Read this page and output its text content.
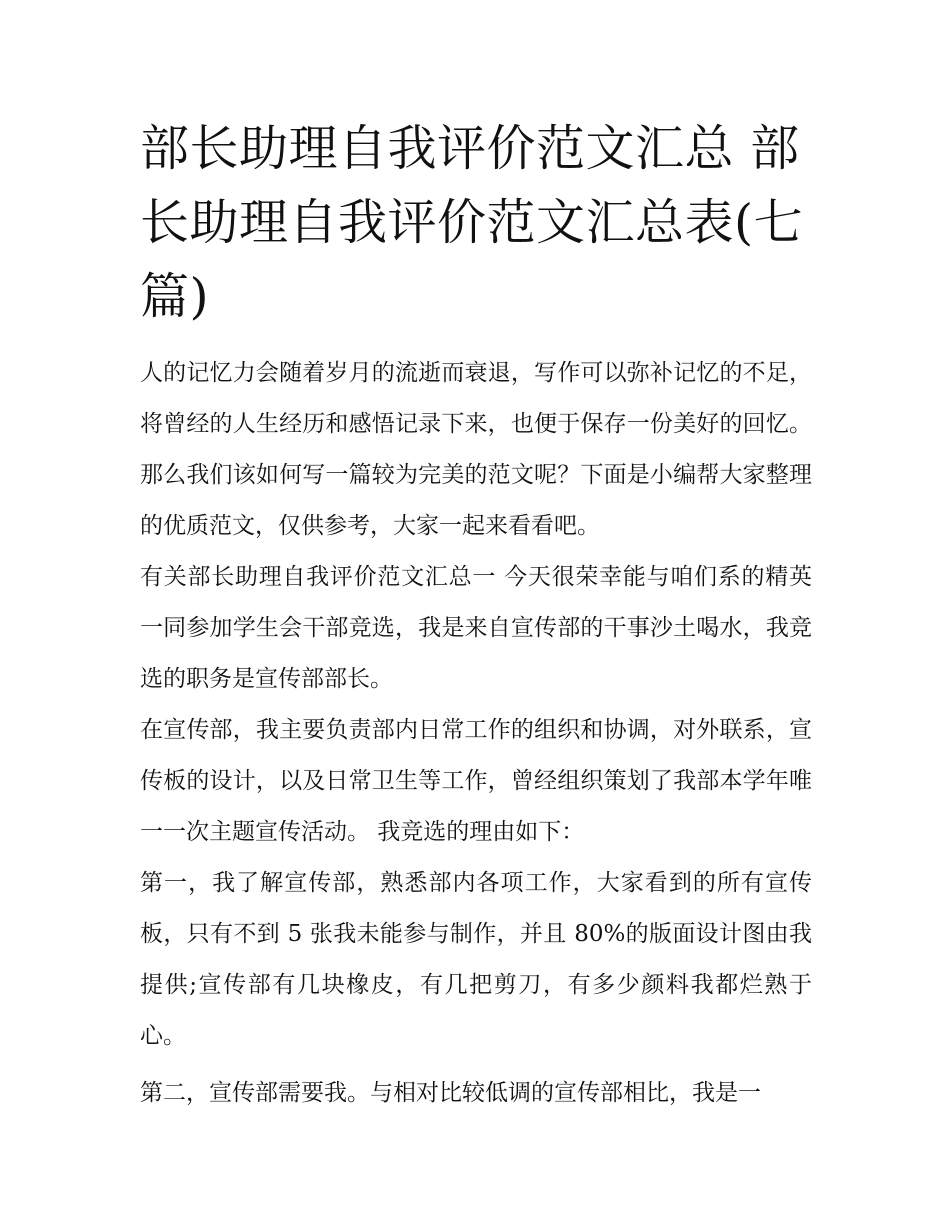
部长助理自我评价范文汇总 部长助理自我评价范文汇总表(七篇)

人的记忆力会随着岁月的流逝而衰退，写作可以弥补记忆的不足，将曾经的人生经历和感悟记录下来，也便于保存一份美好的回忆。那么我们该如何写一篇较为完美的范文呢？下面是小编帮大家整理的优质范文，仅供参考，大家一起来看看吧。

有关部长助理自我评价范文汇总一 今天很荣幸能与咱们系的精英一同参加学生会干部竞选，我是来自宣传部的干事沙土喝水，我竞选的职务是宣传部部长。

在宣传部，我主要负责部内日常工作的组织和协调，对外联系，宣传板的设计，以及日常卫生等工作，曾经组织策划了我部本学年唯一一次主题宣传活动。 我竞选的理由如下：

第一，我了解宣传部，熟悉部内各项工作，大家看到的所有宣传板，只有不到 5 张我未能参与制作，并且 80%的版面设计图由我提供;宣传部有几块橡皮，有几把剪刀，有多少颜料我都烂熟于心。

第二，宣传部需要我。与相对比较低调的宣传部相比，我是一
